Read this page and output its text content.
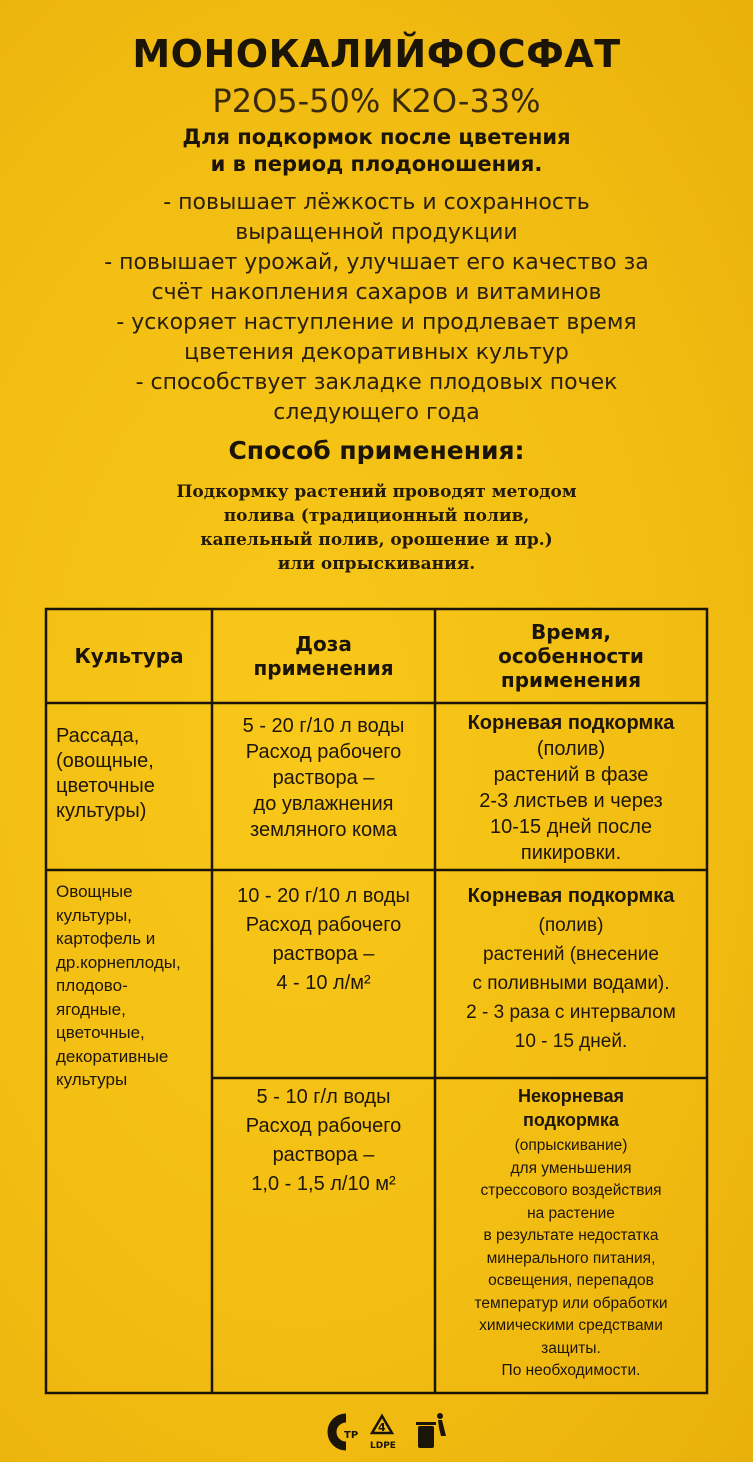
МОНОКАЛИЙФОСФАТ
P2O5-50% K2O-33%
Для подкормок после цветения
и в период плодоношения.
- повышает лёжкость и сохранность
выращенной продукции
- повышает урожай, улучшает его качество за
счёт накопления сахаров и витаминов
- ускоряет наступление и продлевает время
цветения декоративных культур
- способствует закладке плодовых почек
следующего года
Способ применения:
Подкормку растений проводят методом
полива (традиционный полив,
капельный полив, орошение и пр.)
или опрыскивания.
Культура	Доза
применения
Время,
особенности
применения
Рассада,
(овощные,
цветочные
культуры)
5 - 20 г/10 л воды
Расход рабочего
раствора –
до увлажнения
земляного кома
Корневая подкормка
(полив)
растений в фазе
2-3 листьев и через
10-15 дней после
пикировки.
Овощные
культуры,
картофель и
др.корнеплоды,
плодово-
ягодные,
цветочные,
декоративные
культуры
10 - 20 г/10 л воды
Расход рабочего
раствора –
4 - 10 л/м²
Корневая подкормка
(полив)
растений (внесение
с поливными водами).
2 - 3 раза с интервалом
10 - 15 дней.
5 - 10 г/л воды
Расход рабочего
раствора –
1,0 - 1,5 л/10 м²
Некорневая
подкормка
(опрыскивание)
для уменьшения
стрессового воздействия
на растение
в результате недостатка
минерального питания,
освещения, перепадов
температур или обработки
химическими средствами
защиты.
По необходимости.
ТР
4
LDPE
